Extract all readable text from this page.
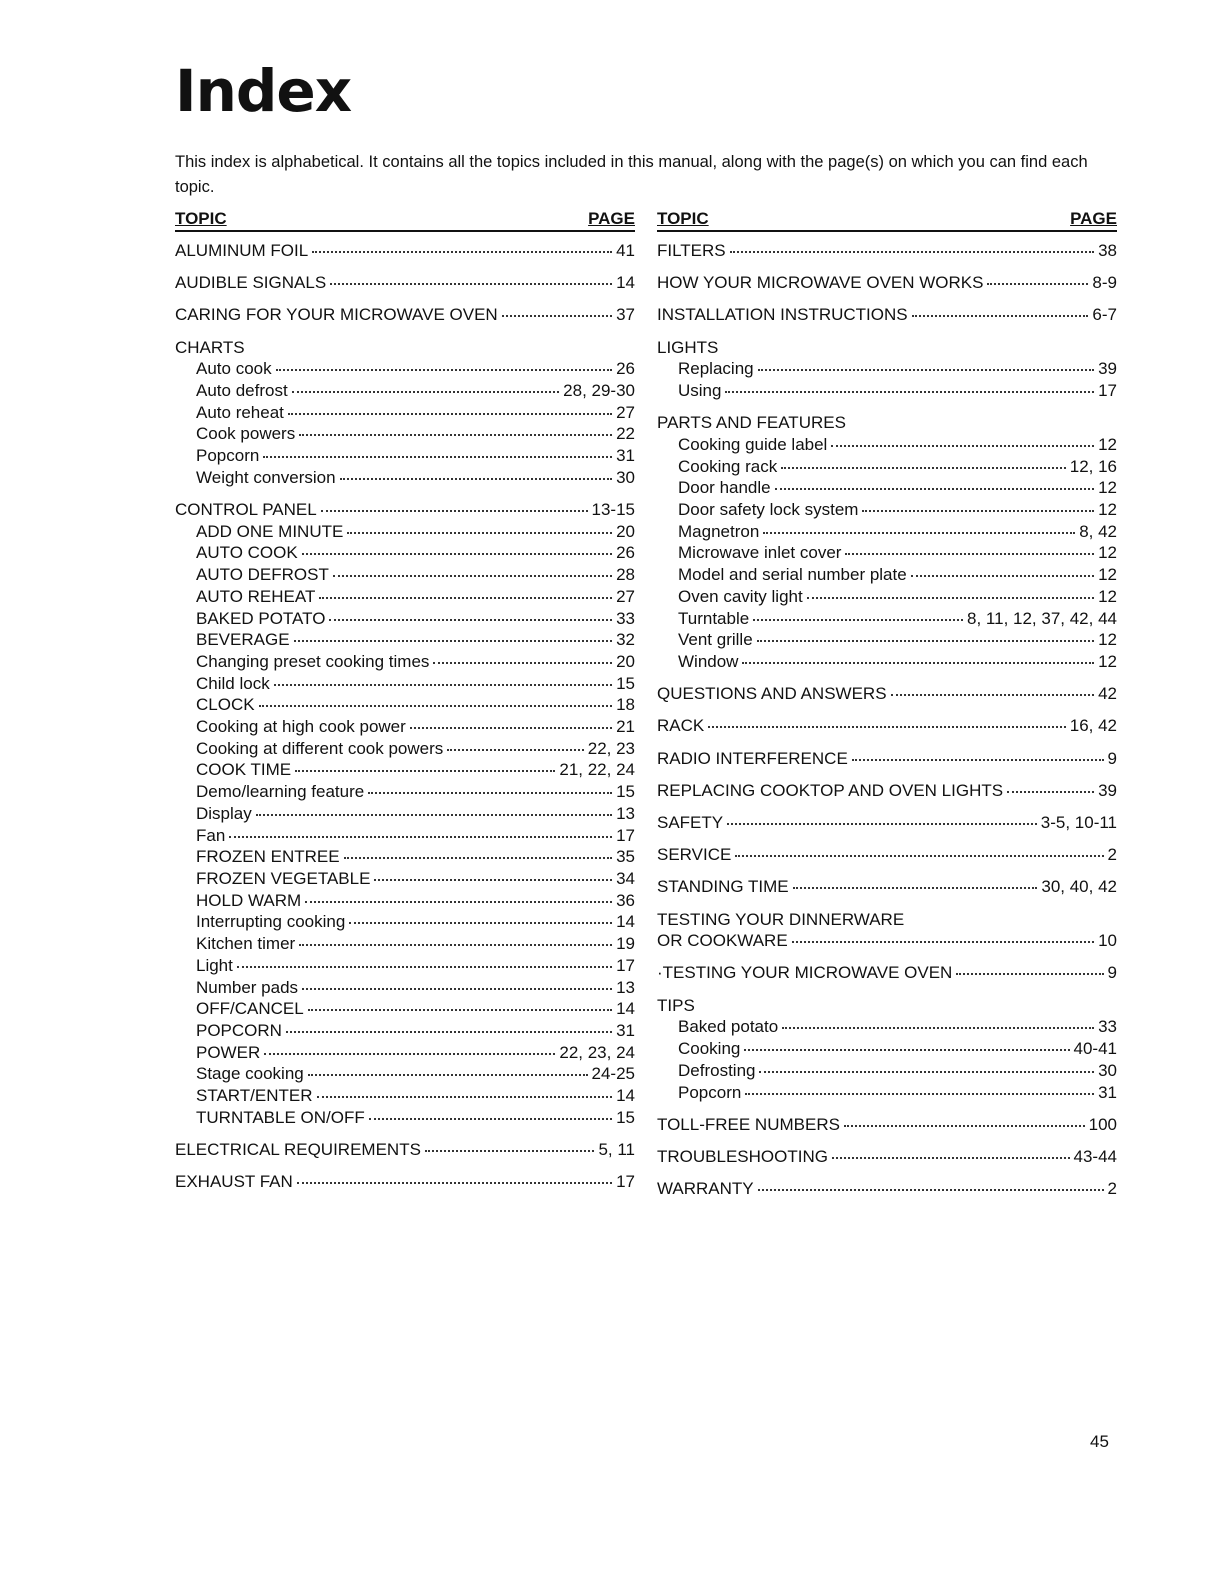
Index

This index is alphabetical. It contains all the topics included in this manual, along with the page(s) on which you can find each topic.

TOPIC	PAGE
ALUMINUM FOIL	41
AUDIBLE SIGNALS	14
CARING FOR YOUR MICROWAVE OVEN	37
CHARTS
Auto cook	26
Auto defrost	28, 29-30
Auto reheat	27
Cook powers	22
Popcorn	31
Weight conversion	30
CONTROL PANEL	13-15
ADD ONE MINUTE	20
AUTO COOK	26
AUTO DEFROST	28
AUTO REHEAT	27
BAKED POTATO	33
BEVERAGE	32
Changing preset cooking times	20
Child lock	15
CLOCK	18
Cooking at high cook power	21
Cooking at different cook powers	22, 23
COOK TIME	21, 22, 24
Demo/learning feature	15
Display	13
Fan	17
FROZEN ENTREE	35
FROZEN VEGETABLE	34
HOLD WARM	36
Interrupting cooking	14
Kitchen timer	19
Light	17
Number pads	13
OFF/CANCEL	14
POPCORN	31
POWER	22, 23, 24
Stage cooking	24-25
START/ENTER	14
TURNTABLE ON/OFF	15
ELECTRICAL REQUIREMENTS	5, 11
EXHAUST FAN	17
TOPIC	PAGE
FILTERS	38
HOW YOUR MICROWAVE OVEN WORKS	8-9
INSTALLATION INSTRUCTIONS	6-7
LIGHTS
Replacing	39
Using	17
PARTS AND FEATURES
Cooking guide label	12
Cooking rack	12, 16
Door handle	12
Door safety lock system	12
Magnetron	8, 42
Microwave inlet cover	12
Model and serial number plate	12
Oven cavity light	12
Turntable	8, 11, 12, 37, 42, 44
Vent grille	12
Window	12
QUESTIONS AND ANSWERS	42
RACK	16, 42
RADIO INTERFERENCE	9
REPLACING COOKTOP AND OVEN LIGHTS	39
SAFETY	3-5, 10-11
SERVICE	2
STANDING TIME	30, 40, 42
TESTING YOUR DINNERWARE
OR COOKWARE	10
·TESTING YOUR MICROWAVE OVEN	9
TIPS
Baked potato	33
Cooking	40-41
Defrosting	30
Popcorn	31
TOLL-FREE NUMBERS	100
TROUBLESHOOTING	43-44
WARRANTY	2
45
